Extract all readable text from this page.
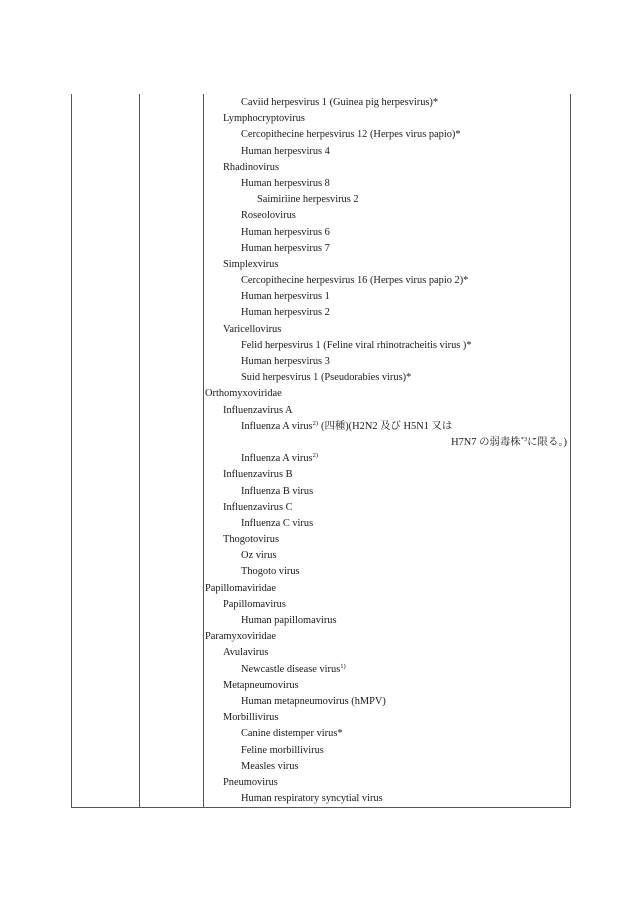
Caviid herpesvirus 1 (Guinea pig herpesvirus)*
Lymphocryptovirus
Cercopithecine herpesvirus 12 (Herpes virus papio)*
Human herpesvirus 4
Rhadinovirus
Human herpesvirus 8
Saimiriine herpesvirus 2
Roseolovirus
Human herpesvirus 6
Human herpesvirus 7
Simplexvirus
Cercopithecine herpesvirus 16 (Herpes virus papio 2)*
Human herpesvirus 1
Human herpesvirus 2
Varicellovirus
Felid herpesvirus 1 (Feline viral rhinotracheitis virus )*
Human herpesvirus 3
Suid herpesvirus 1 (Pseudorabies virus)*
Orthomyxoviridae
Influenzavirus A
Influenza A virus$^{2)}$ (四種)(H2N2 及び H5N1 又は
H7N7 の弱毒株$^{*3}$に限る。)
Influenza A virus$^{2)}$
Influenzavirus B
Influenza B virus
Influenzavirus C
Influenza C virus
Thogotovirus
Oz virus
Thogoto virus
Papillomaviridae
Papillomavirus
Human papillomavirus
Paramyxoviridae
Avulavirus
Newcastle disease virus$^{1)}$
Metapneumovirus
Human metapneumovirus (hMPV)
Morbillivirus
Canine distemper virus*
Feline morbillivirus
Measles virus
Pneumovirus
Human respiratory syncytial virus
